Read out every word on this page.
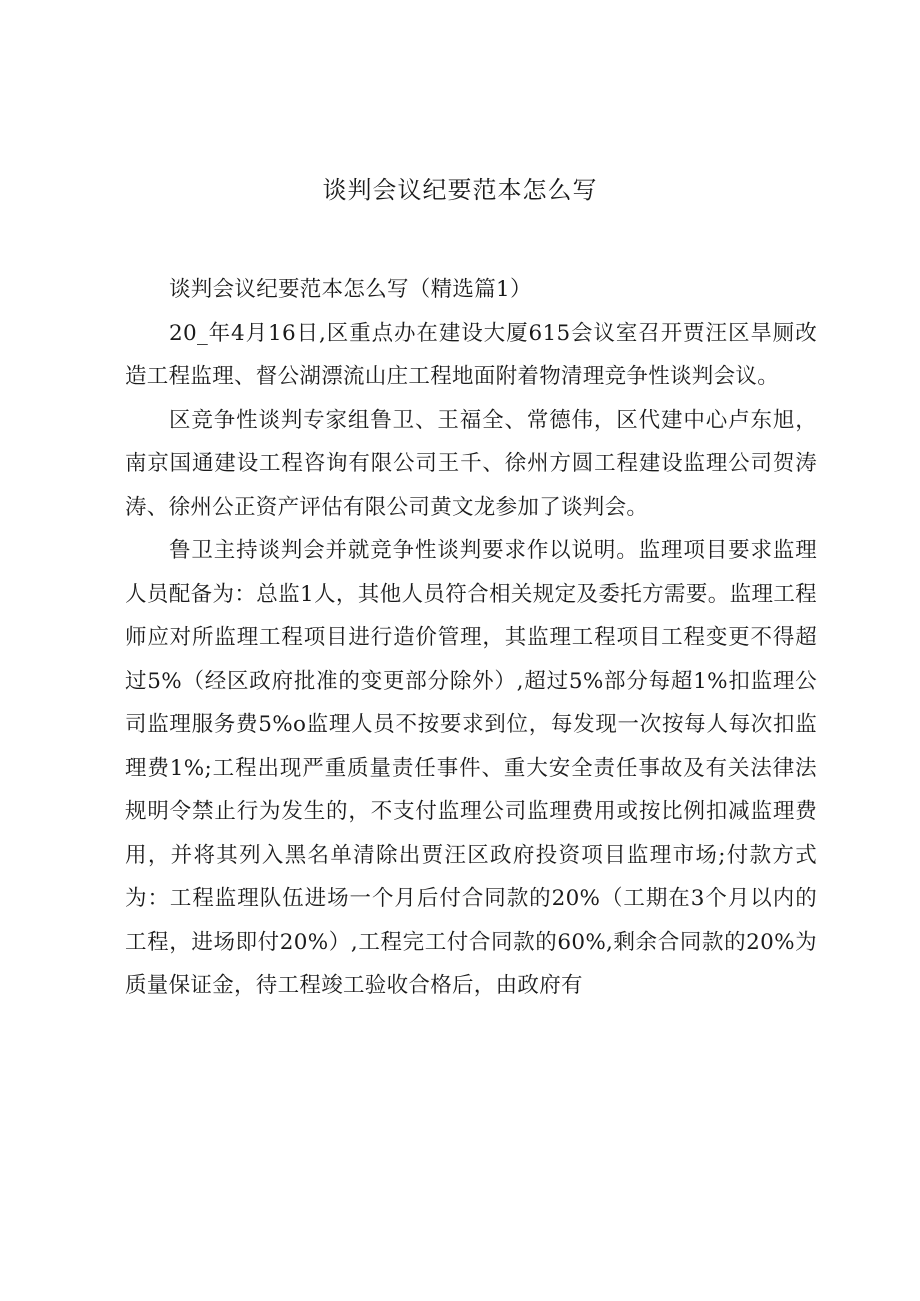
谈判会议纪要范本怎么写

谈判会议纪要范本怎么写（精选篇1）

20_年4月16日,区重点办在建设大厦615会议室召开贾汪区旱厕改造工程监理、督公湖漂流山庄工程地面附着物清理竞争性谈判会议。

区竞争性谈判专家组鲁卫、王福全、常德伟，区代建中心卢东旭，南京国通建设工程咨询有限公司王千、徐州方圆工程建设监理公司贺涛涛、徐州公正资产评估有限公司黄文龙参加了谈判会。

鲁卫主持谈判会并就竞争性谈判要求作以说明。监理项目要求监理人员配备为：总监1人，其他人员符合相关规定及委托方需要。监理工程师应对所监理工程项目进行造价管理，其监理工程项目工程变更不得超过5%（经区政府批准的变更部分除外）,超过5%部分每超1%扣监理公司监理服务费5%o监理人员不按要求到位，每发现一次按每人每次扣监理费1%;工程出现严重质量责任事件、重大安全责任事故及有关法律法规明令禁止行为发生的，不支付监理公司监理费用或按比例扣减监理费用，并将其列入黑名单清除出贾汪区政府投资项目监理市场;付款方式为：工程监理队伍进场一个月后付合同款的20%（工期在3个月以内的工程，进场即付20%）,工程完工付合同款的60%,剩余合同款的20%为质量保证金，待工程竣工验收合格后，由政府有
